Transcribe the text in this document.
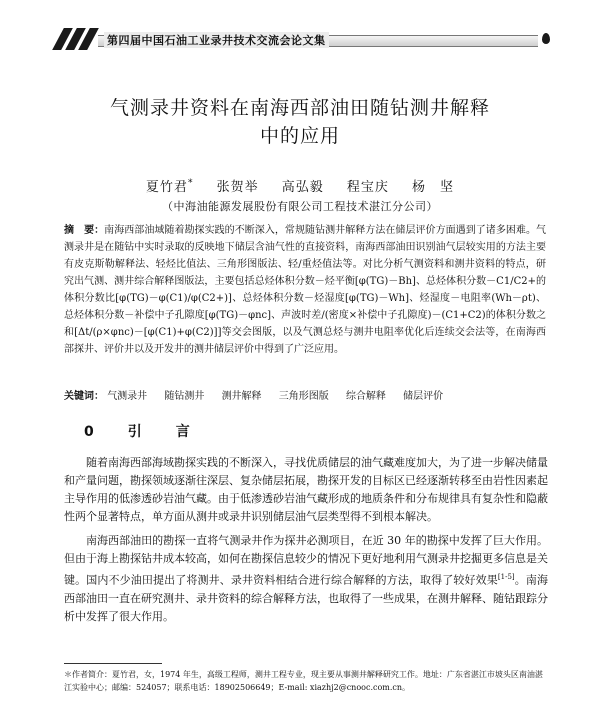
第四届中国石油工业录井技术交流会论文集
气测录井资料在南海西部油田随钻测井解释
中的应用
夏竹君* 张贺举 高弘毅 程宝庆 杨　坚
（中海油能源发展股份有限公司工程技术湛江分公司）
摘　要：南海西部油域随着勘探实践的不断深入，常规随钻测井解释方法在储层评价方面遇到了诸多困难。气测录井是在随钻中实时录取的反映地下储层含油气性的直接资料，南海西部油田识别油气层较实用的方法主要有皮克斯勒解释法、轻烃比值法、三角形图版法、轻/重烃值法等。对比分析气测资料和测井资料的特点，研究出气测、测井综合解释图版法，主要包括总烃体积分数－烃平衡[φ(TG)－Bh]、总烃体积分数－C1/C2+的体积分数比[φ(TG)－φ(C1)/φ(C2+)]、总烃体积分数－烃湿度[φ(TG)－Wh]、烃湿度－电阻率(Wh－ρt)、总烃体积分数－补偿中子孔隙度[φ(TG)－φnc]、声波时差/(密度×补偿中子孔隙度)－(C1+C2)的体积分数之和[Δt/(ρ×φnc)－[φ(C1)+φ(C2)]]等交会图版，以及气测总烃与测井电阻率优化后连续交会法等，在南海西部探井、评价井以及开发井的测井储层评价中得到了广泛应用。
关键词： 气测录井 随钻测井 测井解释 三角形图版 综合解释 储层评价
0　引　言
随着南海西部海域勘探实践的不断深入，寻找优质储层的油气藏难度加大，为了进一步解决储量和产量问题，勘探领域逐渐往深层、复杂储层拓展，勘探开发的目标区已经逐渐转移至由岩性因素起主导作用的低渗透砂岩油气藏。由于低渗透砂岩油气藏形成的地质条件和分布规律具有复杂性和隐蔽性两个显著特点，单方面从测井或录井识别储层油气层类型得不到根本解决。
南海西部油田的勘探一直将气测录井作为探井必测项目，在近 30 年的勘探中发挥了巨大作用。但由于海上勘探钻井成本较高，如何在勘探信息较少的情况下更好地利用气测录井挖掘更多信息是关键。国内不少油田提出了将测井、录井资料相结合进行综合解释的方法，取得了较好效果[1-5]。南海西部油田一直在研究测井、录井资料的综合解释方法，也取得了一些成果，在测井解释、随钻跟踪分析中发挥了很大作用。
＊作者简介：夏竹君，女，1974 年生，高级工程师，测井工程专业，现主要从事测井解释研究工作。地址：广东省湛江市坡头区南油湛江实验中心；邮编：524057；联系电话：18902506649；E-mail: xiazhj2@cnooc.com.cn。
